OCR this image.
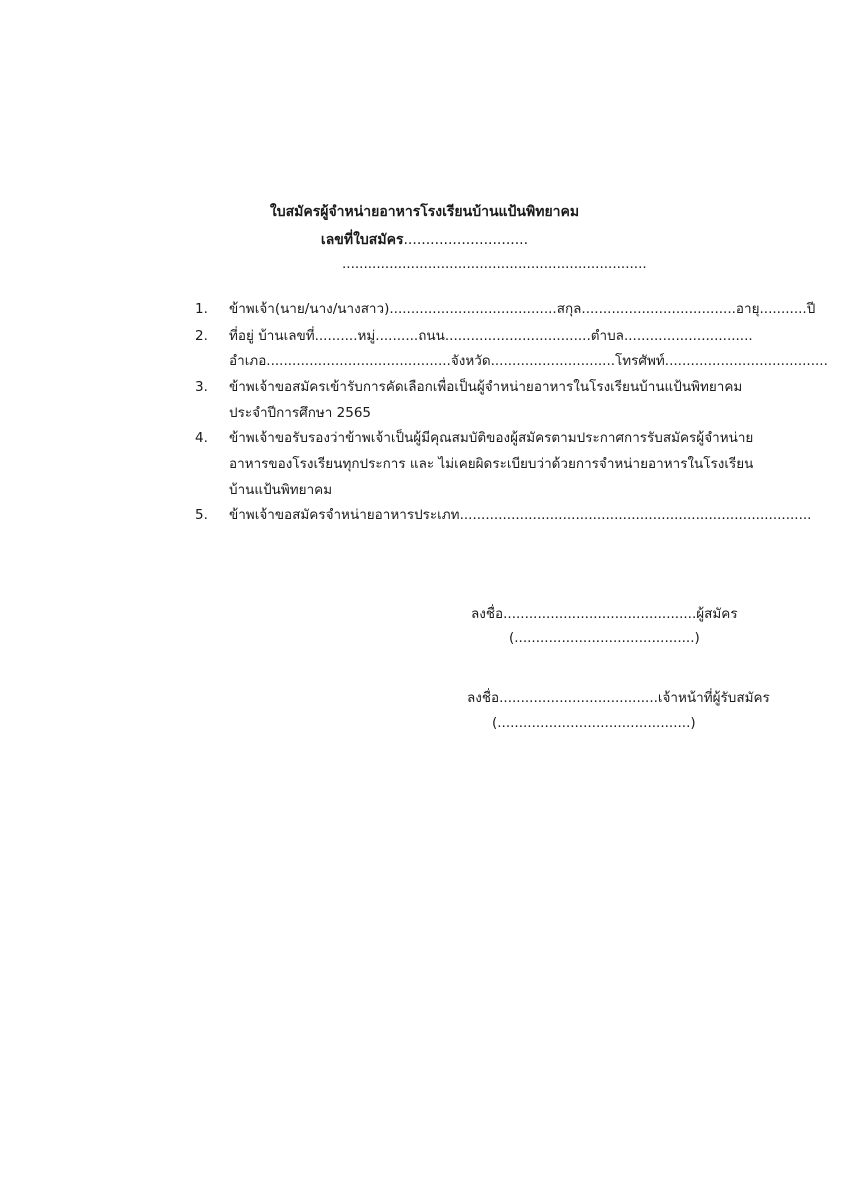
ใบสมัครผู้จำหน่ายอาหารโรงเรียนบ้านแป้นพิทยาคม
เลขที่ใบสมัคร............................
.......................................................................
1.	ข้าพเจ้า(นาย/นาง/นางสาว).......................................สกุล....................................อายุ...........ปี
2.	ที่อยู่ บ้านเลขที่..........หมู่..........ถนน..................................ตำบล..............................
อำเภอ...........................................จังหวัด.............................โทรศัพท์......................................
3.	ข้าพเจ้าขอสมัครเข้ารับการคัดเลือกเพื่อเป็นผู้จำหน่ายอาหารในโรงเรียนบ้านแป้นพิทยาคม
ประจำปีการศึกษา 2565
4.	ข้าพเจ้าขอรับรองว่าข้าพเจ้าเป็นผู้มีคุณสมบัติของผู้สมัครตามประกาศการรับสมัครผู้จำหน่าย
อาหารของโรงเรียนทุกประการ และ ไม่เคยผิดระเบียบว่าด้วยการจำหน่ายอาหารในโรงเรียน
บ้านแป้นพิทยาคม
5.	ข้าพเจ้าขอสมัครจำหน่ายอาหารประเภท..................................................................................
ลงชื่อ.............................................ผู้สมัคร
(..........................................)
ลงชื่อ.....................................เจ้าหน้าที่ผู้รับสมัคร
(.............................................)
